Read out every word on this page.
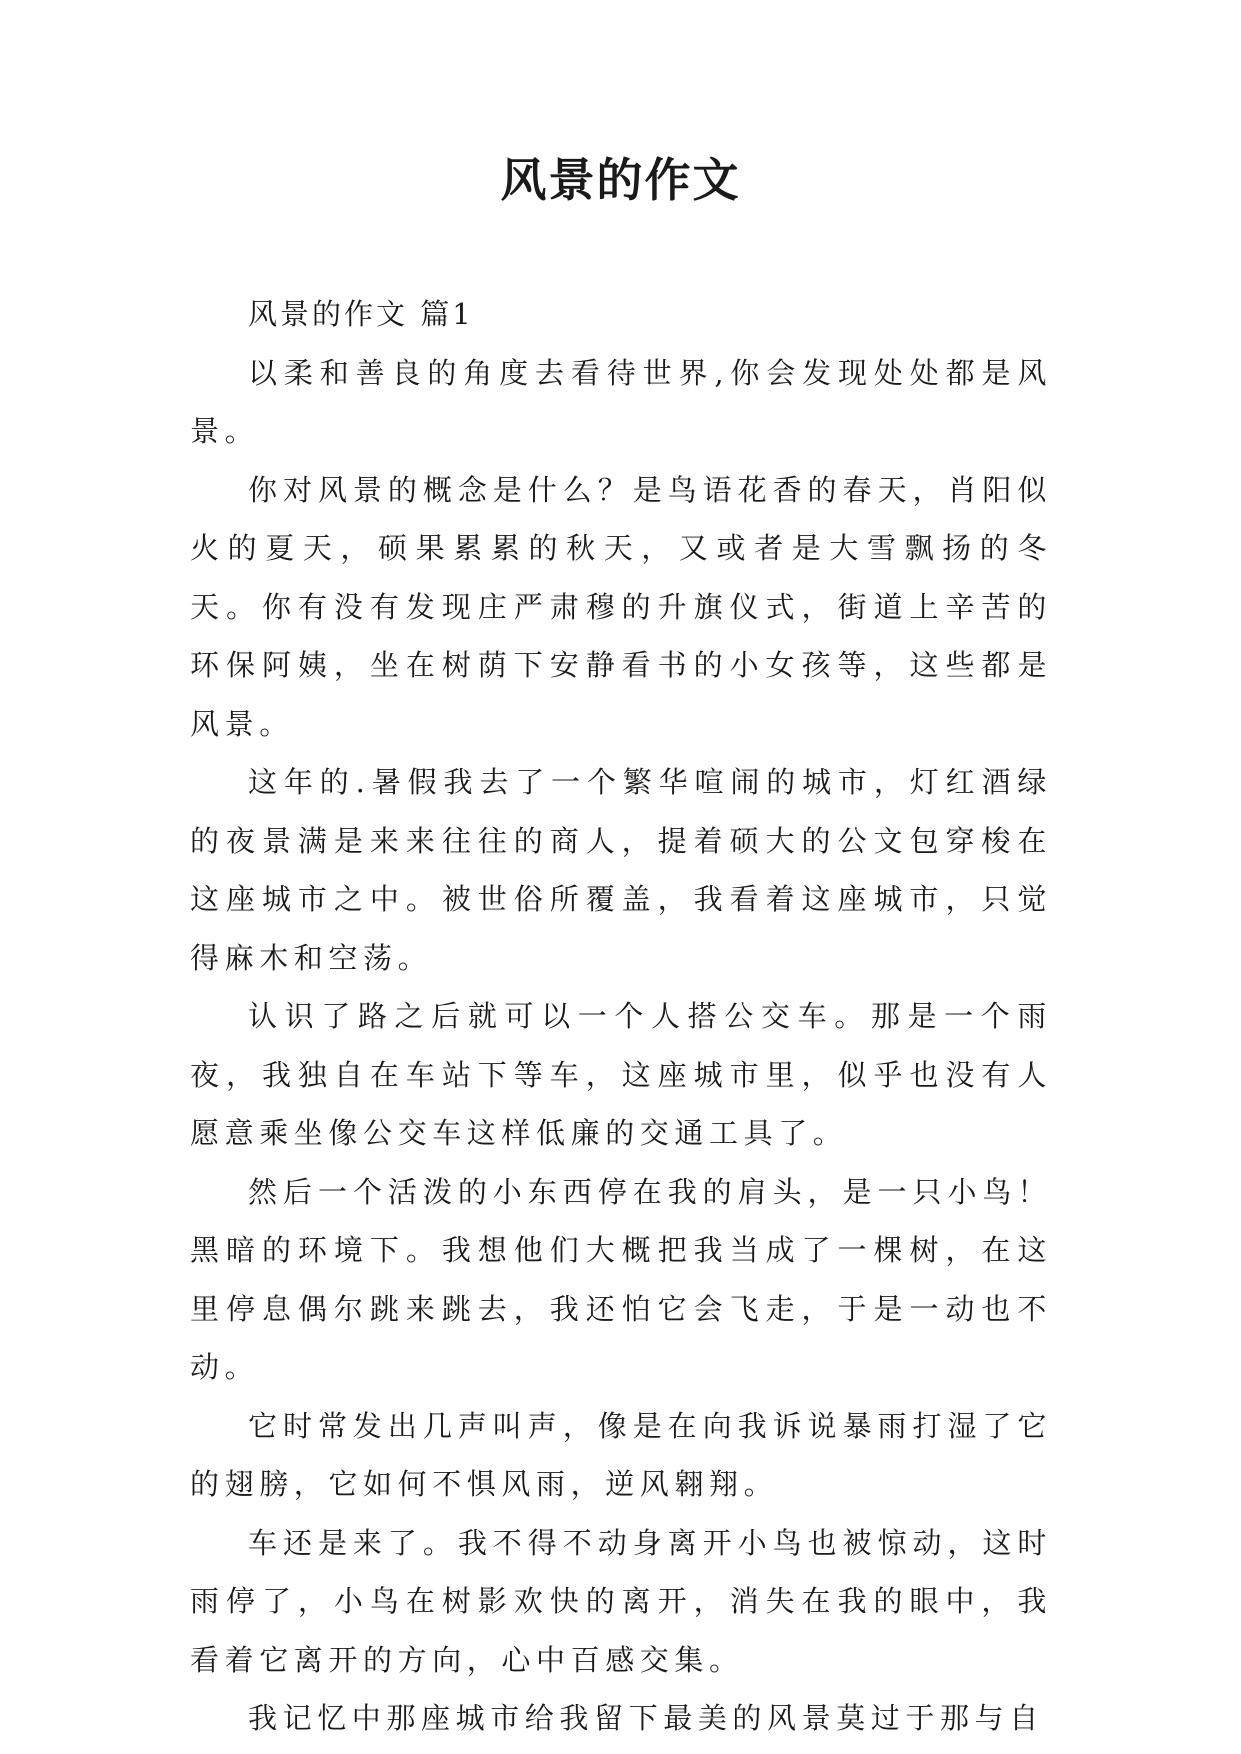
风景的作文

风景的作文 篇1

以柔和善良的角度去看待世界,你会发现处处都是风景。

你对风景的概念是什么？是鸟语花香的春天，肖阳似火的夏天，硕果累累的秋天，又或者是大雪飘扬的冬天。你有没有发现庄严肃穆的升旗仪式，街道上辛苦的环保阿姨，坐在树荫下安静看书的小女孩等，这些都是风景。

这年的.暑假我去了一个繁华喧闹的城市，灯红酒绿的夜景满是来来往往的商人，提着硕大的公文包穿梭在这座城市之中。被世俗所覆盖，我看着这座城市，只觉得麻木和空荡。

认识了路之后就可以一个人搭公交车。那是一个雨夜，我独自在车站下等车，这座城市里，似乎也没有人愿意乘坐像公交车这样低廉的交通工具了。

然后一个活泼的小东西停在我的肩头，是一只小鸟！黑暗的环境下。我想他们大概把我当成了一棵树，在这里停息偶尔跳来跳去，我还怕它会飞走，于是一动也不动。

它时常发出几声叫声，像是在向我诉说暴雨打湿了它的翅膀，它如何不惧风雨，逆风翱翔。

车还是来了。我不得不动身离开小鸟也被惊动，这时雨停了，小鸟在树影欢快的离开，消失在我的眼中，我看着它离开的方向，心中百感交集。

我记忆中那座城市给我留下最美的风景莫过于那与自
